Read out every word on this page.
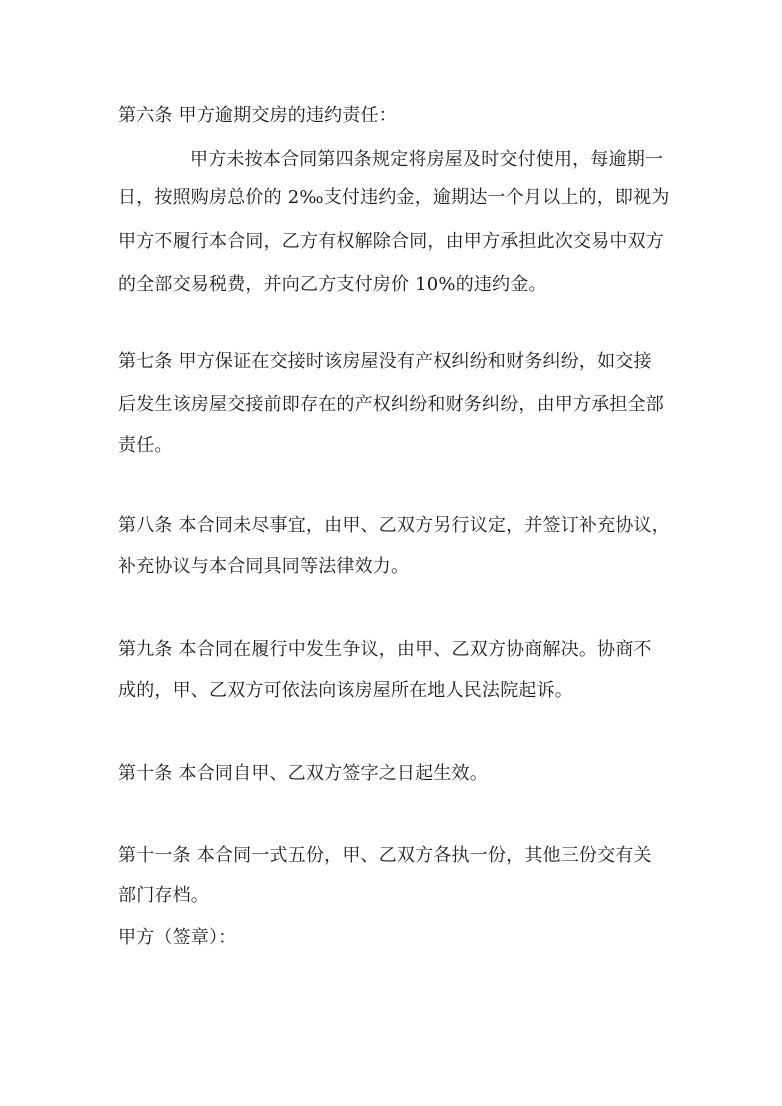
第六条 甲方逾期交房的违约责任：
甲方未按本合同第四条规定将房屋及时交付使用，每逾期一
日，按照购房总价的 2‰支付违约金，逾期达一个月以上的，即视为
甲方不履行本合同，乙方有权解除合同，由甲方承担此次交易中双方
的全部交易税费，并向乙方支付房价 10%的违约金。
第七条 甲方保证在交接时该房屋没有产权纠纷和财务纠纷，如交接
后发生该房屋交接前即存在的产权纠纷和财务纠纷，由甲方承担全部
责任。
第八条 本合同未尽事宜，由甲、乙双方另行议定，并签订补充协议，
补充协议与本合同具同等法律效力。
第九条 本合同在履行中发生争议，由甲、乙双方协商解决。协商不
成的，甲、乙双方可依法向该房屋所在地人民法院起诉。
第十条 本合同自甲、乙双方签字之日起生效。
第十一条 本合同一式五份，甲、乙双方各执一份，其他三份交有关
部门存档。
甲方（签章）：
